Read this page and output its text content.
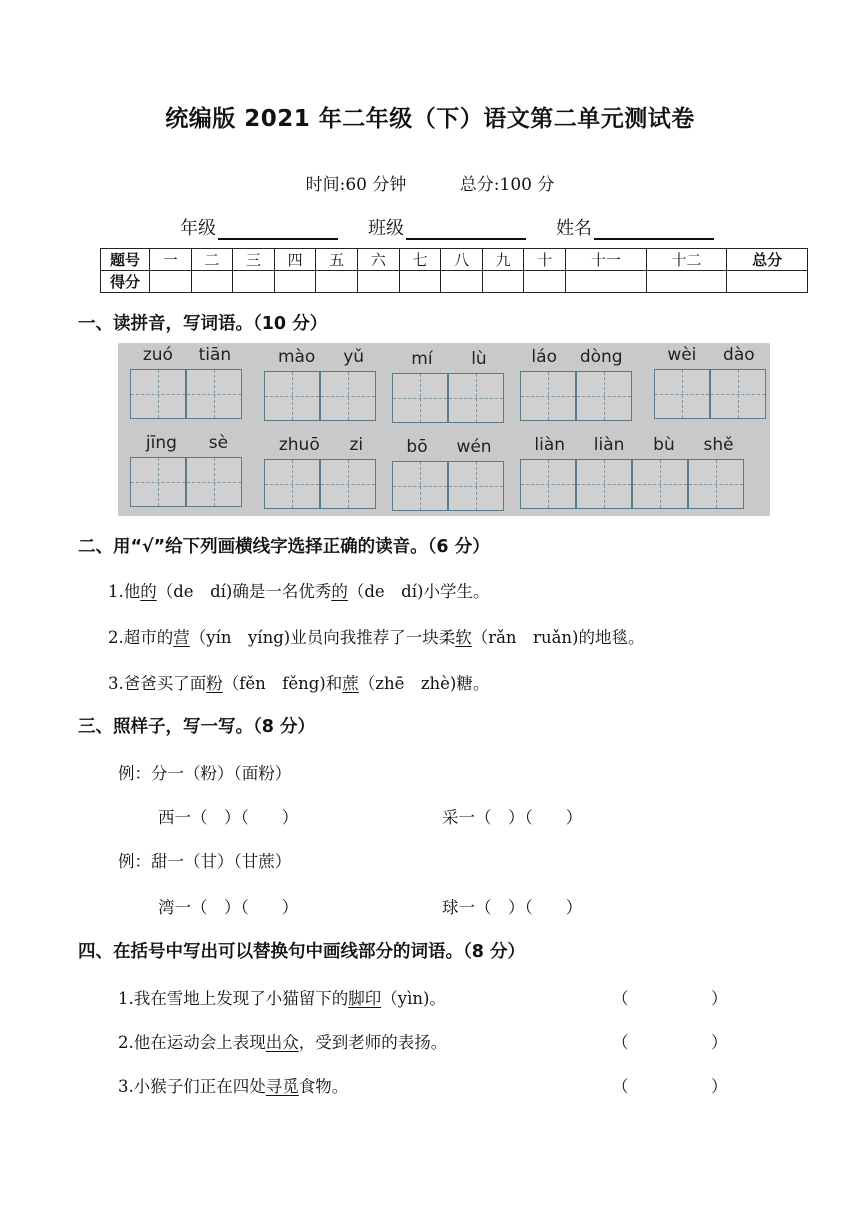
统编版 2021 年二年级（下）语文第二单元测试卷
时间:60 分钟	总分:100 分
年级	班级	姓名
题号	一	二	三	四	五	六	七	八	九	十	十一	十二	总分
得分													
一、读拼音，写词语。（10 分）
zuó tiān	mào yǔ	mí lù	láo dòng	wèi dào
jīng sè	zhuō zi	bō wén	liàn liàn bù shě
二、用“√”给下列画横线字选择正确的读音。（6 分）
1.他的（de　dí)确是一名优秀的（de　dí)小学生。
2.超市的营（yín　yíng)业员向我推荐了一块柔软（rǎn　ruǎn)的地毯。
3.爸爸买了面粉（fěn　fěng)和蔗（zhē　zhè)糖。
三、照样子，写一写。（8 分）
例：分一（粉）（面粉）
西一（　）（　　）	采一（　）（　　）
例：甜一（甘）（甘蔗）
湾一（　）（　　）	球一（　）（　　）
四、在括号中写出可以替换句中画线部分的词语。（8 分）
1.我在雪地上发现了小猫留下的脚印（yìn)。	（　　　　　）
2.他在运动会上表现出众，受到老师的表扬。	（　　　　　）
3.小猴子们正在四处寻觅食物。	（　　　　　）
